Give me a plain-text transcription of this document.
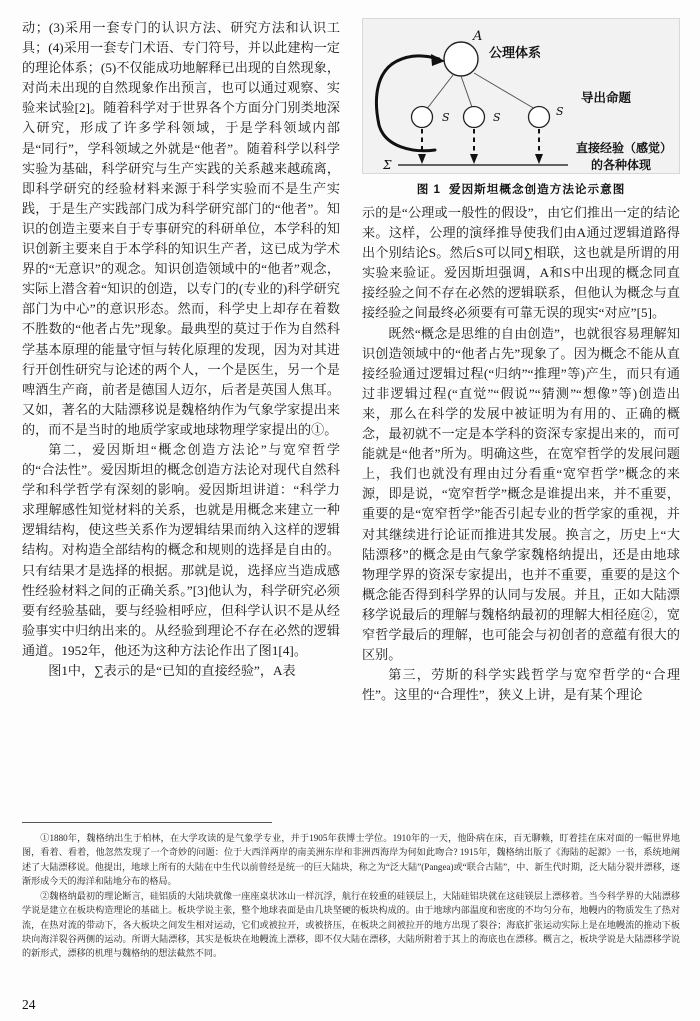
动；(3)采用一套专门的认识方法、研究方法和认识工具；(4)采用一套专门术语、专门符号，并以此建构一定的理论体系；(5)不仅能成功地解释已出现的自然现象，对尚未出现的自然现象作出预言，也可以通过观察、实验来试验[2]。随着科学对于世界各个方面分门别类地深入研究，形成了许多学科领域，于是学科领域内部是“同行”，学科领域之外就是“他者”。随着科学以科学实验为基础，科学研究与生产实践的关系越来越疏离，即科学研究的经验材料来源于科学实验而不是生产实践，于是生产实践部门成为科学研究部门的“他者”。知识的创造主要来自于专事研究的科研单位，本学科的知识创新主要来自于本学科的知识生产者，这已成为学术界的“无意识”的观念。知识创造领域中的“他者”观念，实际上潜含着“知识的创造，以专门的(专业的)科学研究部门为中心”的意识形态。然而，科学史上却存在着数不胜数的“他者占先”现象。最典型的莫过于作为自然科学基本原理的能量守恒与转化原理的发现，因为对其进行开创性研究与论述的两个人，一个是医生，另一个是啤酒生产商，前者是德国人迈尔，后者是英国人焦耳。又如，著名的大陆漂移说是魏格纳作为气象学家提出来的，而不是当时的地质学家或地球物理学家提出的①。

第二，爱因斯坦“概念创造方法论”与宽窄哲学的“合法性”。爱因斯坦的概念创造方法论对现代自然科学和科学哲学有深刻的影响。爱因斯坦讲道：“科学力求理解感性知觉材料的关系，也就是用概念来建立一种逻辑结构，使这些关系作为逻辑结果而纳入这样的逻辑结构。对构造全部结构的概念和规则的选择是自由的。只有结果才是选择的根据。那就是说，选择应当造成感性经验材料之间的正确关系。”[3]他认为，科学研究必须要有经验基础，要与经验相呼应，但科学认识不是从经验事实中归纳出来的。从经验到理论不存在必然的逻辑通道。1952年，他还为这种方法论作出了图1[4]。

图1中，∑表示的是“已知的直接经验”，A表

A
公理体系
S	S	S
Σ
导出命题
直接经验（感觉）
的各种体现
图 1 爱因斯坦概念创造方法论示意图

示的是“公理或一般性的假设”，由它们推出一定的结论来。这样，公理的演绎推导使我们由A通过逻辑道路得出个别结论S。然后S可以同∑相联，这也就是所谓的用实验来验证。爱因斯坦强调，A和S中出现的概念同直接经验之间不存在必然的逻辑联系，但他认为概念与直接经验之间最终必须要有可靠无误的现实“对应”[5]。

既然“概念是思维的自由创造”，也就很容易理解知识创造领域中的“他者占先”现象了。因为概念不能从直接经验通过逻辑过程(“归纳”“推理”等)产生，而只有通过非逻辑过程(“直觉”“假说”“猜测”“想像”等)创造出来，那么在科学的发展中被证明为有用的、正确的概念，最初就不一定是本学科的资深专家提出来的，而可能就是“他者”所为。明确这些，在宽窄哲学的发展问题上，我们也就没有理由过分看重“宽窄哲学”概念的来源，即是说，“宽窄哲学”概念是谁提出来，并不重要，重要的是“宽窄哲学”能否引起专业的哲学家的重视，并对其继续进行论证而推进其发展。换言之，历史上“大陆漂移”的概念是由气象学家魏格纳提出，还是由地球物理学界的资深专家提出，也并不重要，重要的是这个概念能否得到科学界的认同与发展。并且，正如大陆漂移学说最后的理解与魏格纳最初的理解大相径庭②，宽窄哲学最后的理解，也可能会与初创者的意蕴有很大的区别。

第三，劳斯的科学实践哲学与宽窄哲学的“合理性”。这里的“合理性”，狭义上讲，是有某个理论

①1880年，魏格纳出生于柏林，在大学攻读的是气象学专业，并于1905年获博士学位。1910年的一天，他卧病在床，百无聊赖，盯着挂在床对面的一幅世界地图，看着、看着，他忽然发现了一个奇妙的问题：位于大西洋两岸的南美洲东岸和非洲西海岸为何如此吻合? 1915年，魏格纳出版了《海陆的起源》一书，系统地阐述了大陆漂移说。他提出，地球上所有的大陆在中生代以前曾经是统一的巨大陆块，称之为“泛大陆”(Pangea)或“联合古陆”，中、新生代时期，泛大陆分裂并漂移，逐渐形成今天的海洋和陆地分布的格局。

②魏格纳最初的理论断言，硅铝质的大陆块就像一座座桌状冰山一样沉浮，航行在较重的硅镁层上，大陆硅铝块就在这硅镁层上漂移着。当今科学界的大陆漂移学说是建立在板块构造理论的基础上。板块学说主张，整个地球表面是由几块坚硬的板块构成的。由于地球内部温度和密度的不均匀分布，地幔内的物质发生了热对流，在热对流的带动下，各大板块之间发生相对运动，它们或被拉开，或被挤压，在板块之间被拉开的地方出现了裂谷；海底扩张运动实际上是在地幔流的推动下板块向海洋裂谷两侧的运动。所谓大陆漂移，其实是板块在地幔流上漂移，即不仅大陆在漂移，大陆所附着于其上的海底也在漂移。概言之，板块学说是大陆漂移学说的新形式，漂移的机理与魏格纳的想法截然不同。

24
